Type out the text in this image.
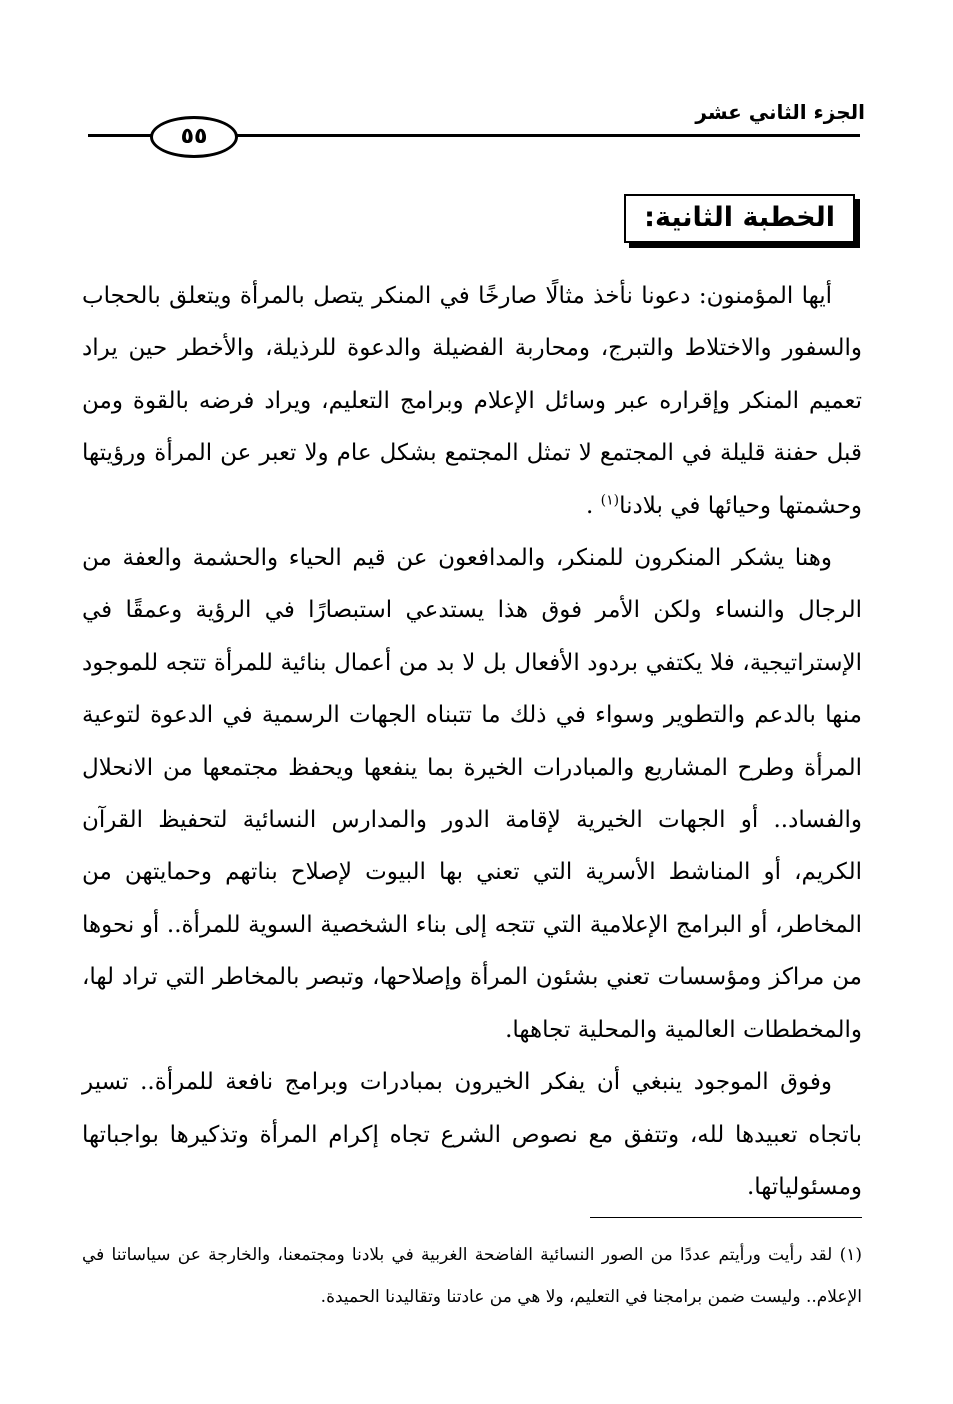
الجزء الثاني عشر
٥٥
الخطبة الثانية:

أيها المؤمنون: دعونا نأخذ مثالًا صارخًا في المنكر يتصل بالمرأة ويتعلق بالحجاب والسفور والاختلاط والتبرج، ومحاربة الفضيلة والدعوة للرذيلة، والأخطر حين يراد تعميم المنكر وإقراره عبر وسائل الإعلام وبرامج التعليم، ويراد فرضه بالقوة ومن قبل حفنة قليلة في المجتمع لا تمثل المجتمع بشكل عام ولا تعبر عن المرأة ورؤيتها وحشمتها وحيائها في بلادنا$^{(١)}$ .

وهنا يشكر المنكرون للمنكر، والمدافعون عن قيم الحياء والحشمة والعفة من الرجال والنساء ولكن الأمر فوق هذا يستدعي استبصارًا في الرؤية وعمقًا في الإستراتيجية، فلا يكتفي بردود الأفعال بل لا بد من أعمال بنائية للمرأة تتجه للموجود منها بالدعم والتطوير وسواء في ذلك ما تتبناه الجهات الرسمية في الدعوة لتوعية المرأة وطرح المشاريع والمبادرات الخيرة بما ينفعها ويحفظ مجتمعها من الانحلال والفساد.. أو الجهات الخيرية لإقامة الدور والمدارس النسائية لتحفيظ القرآن الكريم، أو المناشط الأسرية التي تعني بها البيوت لإصلاح بناتهم وحمايتهن من المخاطر، أو البرامج الإعلامية التي تتجه إلى بناء الشخصية السوية للمرأة.. أو نحوها من مراكز ومؤسسات تعني بشئون المرأة وإصلاحها، وتبصر بالمخاطر التي تراد لها، والمخططات العالمية والمحلية تجاهها.

وفوق الموجود ينبغي أن يفكر الخيرون بمبادرات وبرامج نافعة للمرأة.. تسير باتجاه تعبيدها لله، وتتفق مع نصوص الشرع تجاه إكرام المرأة وتذكيرها بواجباتها ومسئولياتها.

(١) لقد رأيت ورأيتم عددًا من الصور النسائية الفاضحة الغربية في بلادنا ومجتمعنا، والخارجة عن سياساتنا في الإعلام.. وليست ضمن برامجنا في التعليم، ولا هي من عادتنا وتقاليدنا الحميدة.
